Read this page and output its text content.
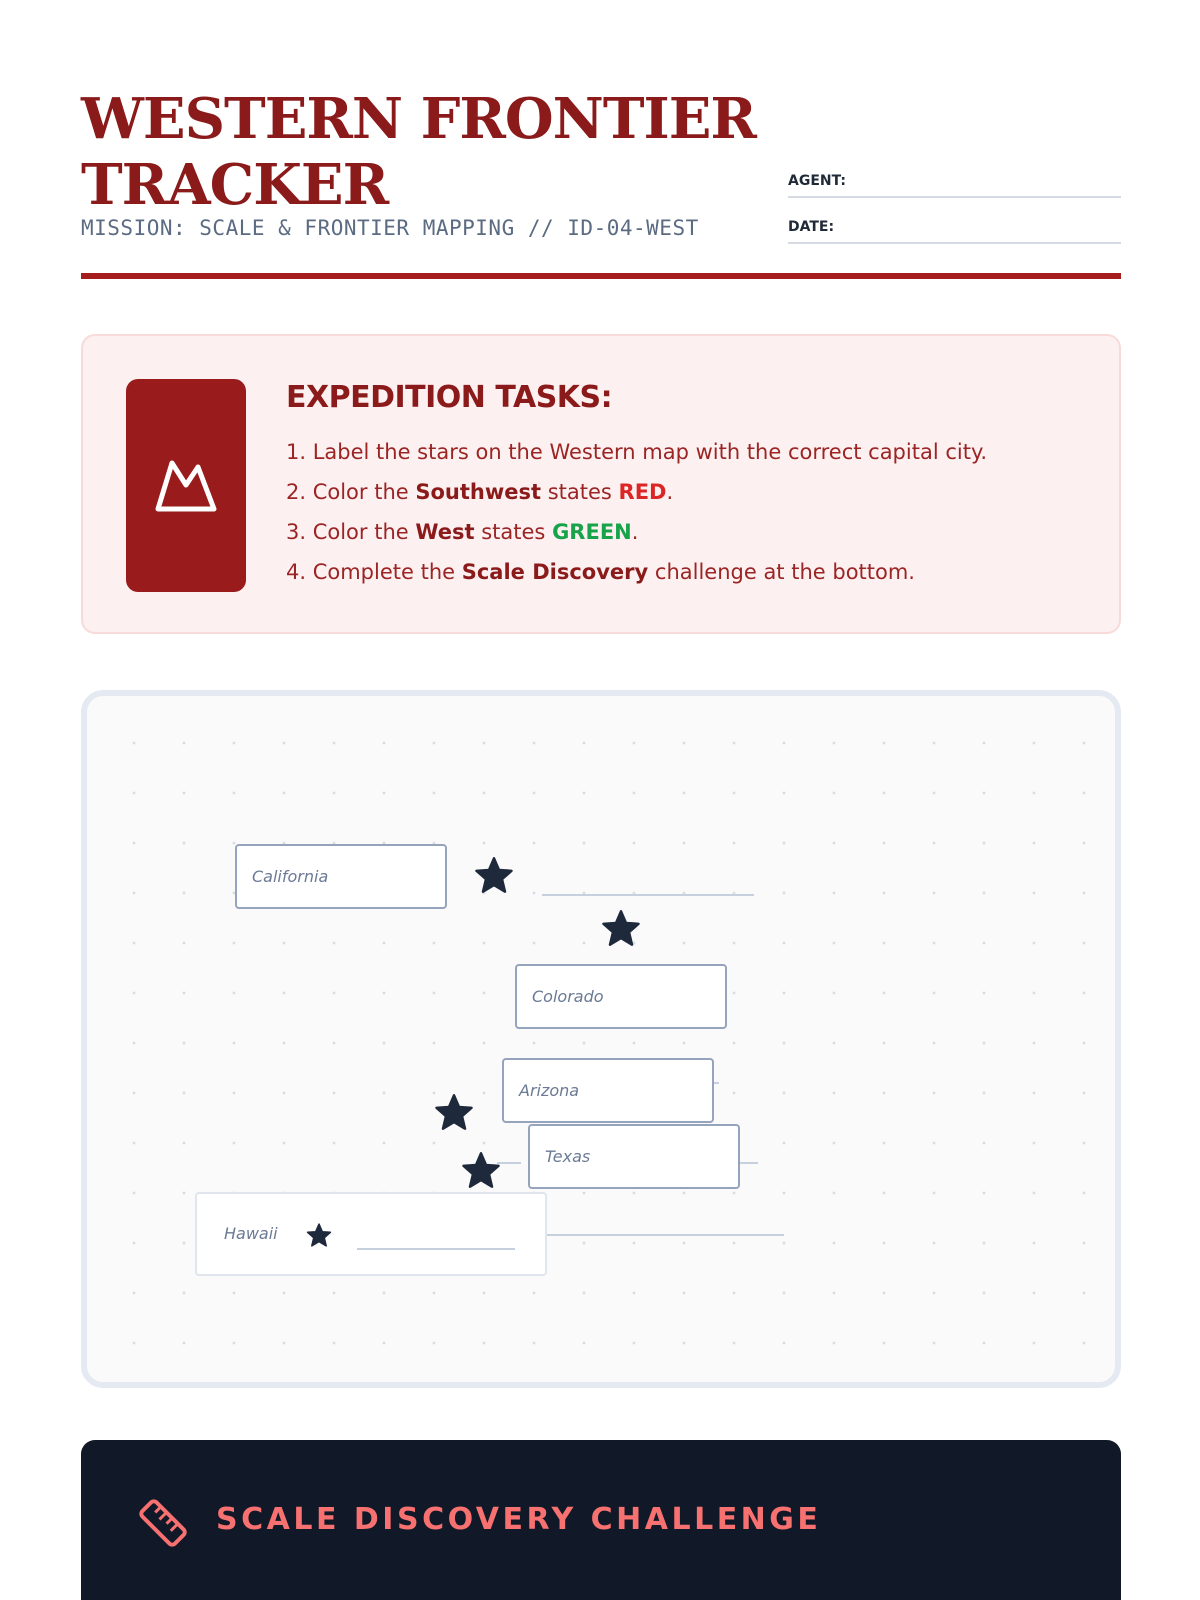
WESTERN FRONTIER TRACKER
MISSION: SCALE & FRONTIER MAPPING // ID-04-WEST
AGENT:
DATE:
EXPEDITION TASKS:
1. Label the stars on the Western map with the correct capital city.
2. Color the Southwest states RED.
3. Color the West states GREEN.
4. Complete the Scale Discovery challenge at the bottom.
California
Colorado
Arizona
Texas
Hawaii
SCALE DISCOVERY CHALLENGE
